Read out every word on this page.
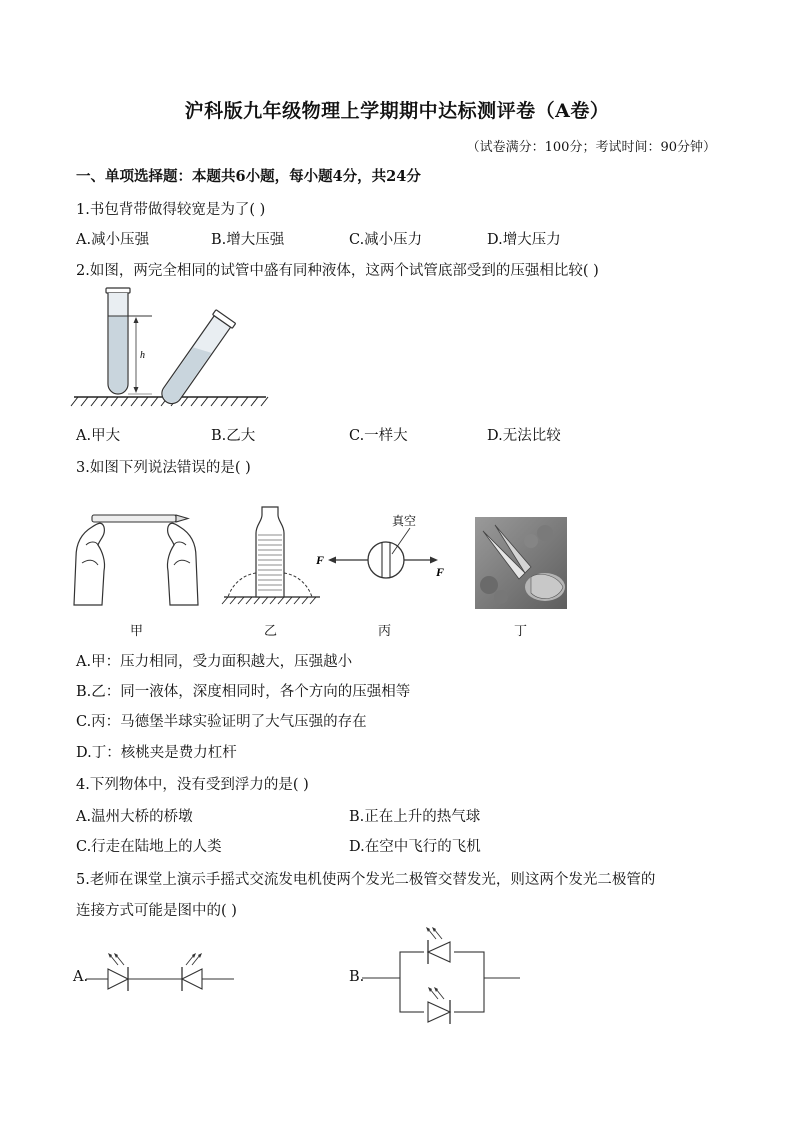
沪科版九年级物理上学期期中达标测评卷（A卷）
（试卷满分：100分；考试时间：90分钟）
一、单项选择题：本题共6小题，每小题4分，共24分
1.书包背带做得较宽是为了( )
A.减小压强	B.增大压强	C.减小压力	D.增大压力
2.如图，两完全相同的试管中盛有同种液体，这两个试管底部受到的压强相比较( )
h
A.甲大	B.乙大	C.一样大	D.无法比较
3.如图下列说法错误的是( )
F
F
真空
甲	乙	丙	丁
A.甲：压力相同，受力面积越大，压强越小
B.乙：同一液体，深度相同时，各个方向的压强相等
C.丙：马德堡半球实验证明了大气压强的存在
D.丁：核桃夹是费力杠杆
4.下列物体中，没有受到浮力的是( )
A.温州大桥的桥墩	B.正在上升的热气球
C.行走在陆地上的人类	D.在空中飞行的飞机
5.老师在课堂上演示手摇式交流发电机使两个发光二极管交替发光，则这两个发光二极管的
连接方式可能是图中的( )
A.	B.
